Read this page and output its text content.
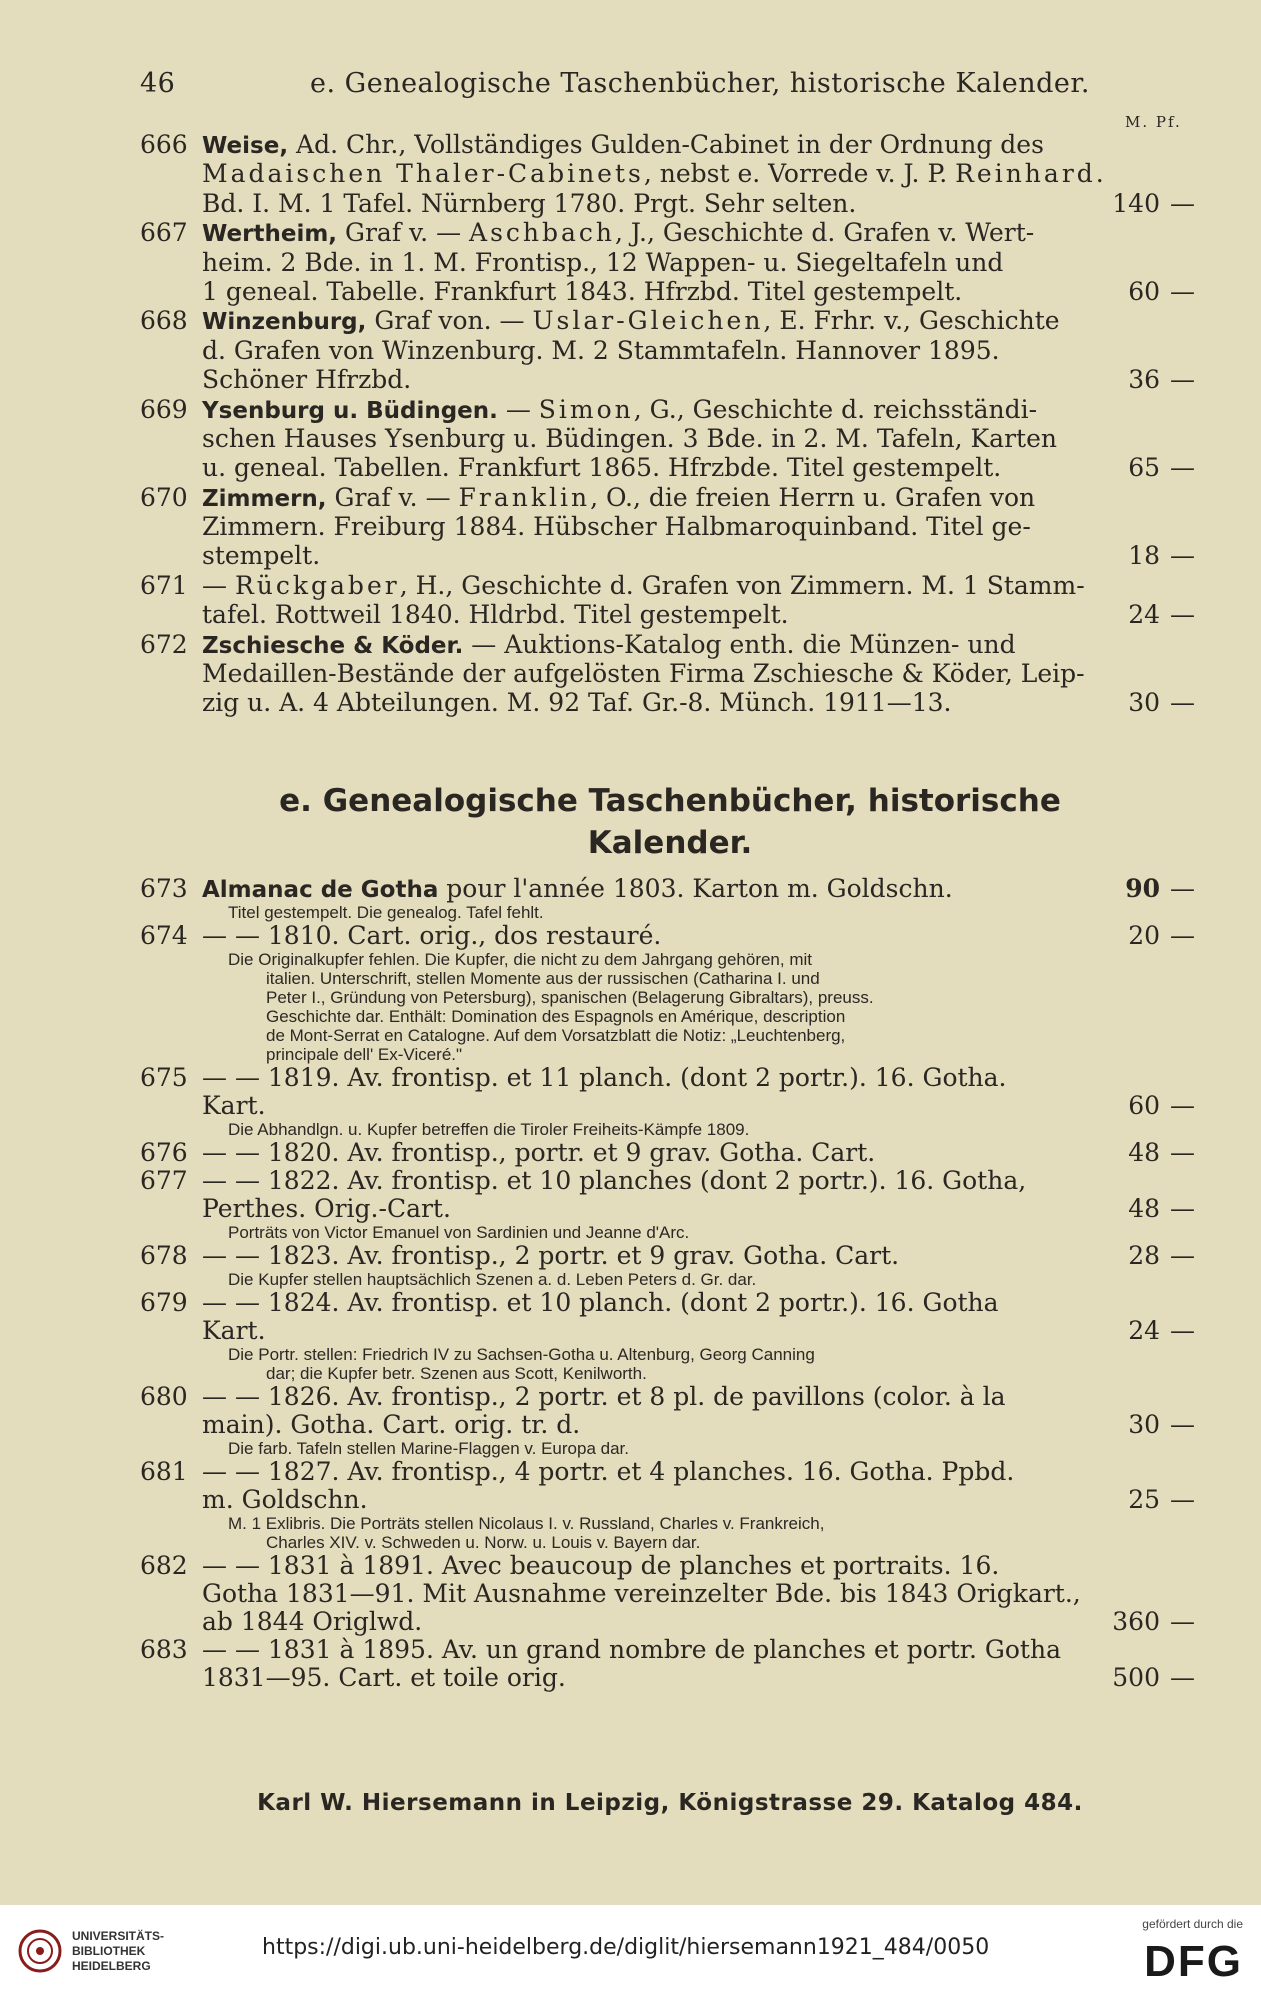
46	e. Genealogische Taschenbücher, historische Kalender.
M. Pf.
666 Weise, Ad. Chr., Vollständiges Gulden-Cabinet in der Ordnung des
Madaischen Thaler-Cabinets, nebst e. Vorrede v. J. P. Reinhard.
Bd. I. M. 1 Tafel. Nürnberg 1780. Prgt. Sehr selten.	140 —
667 Wertheim, Graf v. — Aschbach, J., Geschichte d. Grafen v. Wert-
heim. 2 Bde. in 1. M. Frontisp., 12 Wappen- u. Siegeltafeln und
1 geneal. Tabelle. Frankfurt 1843. Hfrzbd. Titel gestempelt.	60 —
668 Winzenburg, Graf von. — Uslar-Gleichen, E. Frhr. v., Geschichte
d. Grafen von Winzenburg. M. 2 Stammtafeln. Hannover 1895.
Schöner Hfrzbd.	36 —
669 Ysenburg u. Büdingen. — Simon, G., Geschichte d. reichsständi-
schen Hauses Ysenburg u. Büdingen. 3 Bde. in 2. M. Tafeln, Karten
u. geneal. Tabellen. Frankfurt 1865. Hfrzbde. Titel gestempelt.	65 —
670 Zimmern, Graf v. — Franklin, O., die freien Herrn u. Grafen von
Zimmern. Freiburg 1884. Hübscher Halbmaroquinband. Titel ge-
stempelt.	18 —
671 — Rückgaber, H., Geschichte d. Grafen von Zimmern. M. 1 Stamm-
tafel. Rottweil 1840. Hldrbd. Titel gestempelt.	24 —
672 Zschiesche & Köder. — Auktions-Katalog enth. die Münzen- und
Medaillen-Bestände der aufgelösten Firma Zschiesche & Köder, Leip-
zig u. A. 4 Abteilungen. M. 92 Taf. Gr.-8. Münch. 1911—13.	30 —
e. Genealogische Taschenbücher, historische
Kalender.
673 Almanac de Gotha pour l'année 1803. Karton m. Goldschn.	90 —
Titel gestempelt. Die genealog. Tafel fehlt.
674 — — 1810. Cart. orig., dos restauré.	20 —
Die Originalkupfer fehlen. Die Kupfer, die nicht zu dem Jahrgang gehören, mit
italien. Unterschrift, stellen Momente aus der russischen (Catharina I. und
Peter I., Gründung von Petersburg), spanischen (Belagerung Gibraltars), preuss.
Geschichte dar. Enthält: Domination des Espagnols en Amérique, description
de Mont-Serrat en Catalogne. Auf dem Vorsatzblatt die Notiz: „Leuchtenberg,
principale dell' Ex-Viceré."
675 — — 1819. Av. frontisp. et 11 planch. (dont 2 portr.). 16. Gotha.
Kart.	60 —
Die Abhandlgn. u. Kupfer betreffen die Tiroler Freiheits-Kämpfe 1809.
676 — — 1820. Av. frontisp., portr. et 9 grav. Gotha. Cart.	48 —
677 — — 1822. Av. frontisp. et 10 planches (dont 2 portr.). 16. Gotha,
Perthes. Orig.-Cart.	48 —
Porträts von Victor Emanuel von Sardinien und Jeanne d'Arc.
678 — — 1823. Av. frontisp., 2 portr. et 9 grav. Gotha. Cart.	28 —
Die Kupfer stellen hauptsächlich Szenen a. d. Leben Peters d. Gr. dar.
679 — — 1824. Av. frontisp. et 10 planch. (dont 2 portr.). 16. Gotha
Kart.	24 —
Die Portr. stellen: Friedrich IV zu Sachsen-Gotha u. Altenburg, Georg Canning
dar; die Kupfer betr. Szenen aus Scott, Kenilworth.
680 — — 1826. Av. frontisp., 2 portr. et 8 pl. de pavillons (color. à la
main). Gotha. Cart. orig. tr. d.	30 —
Die farb. Tafeln stellen Marine-Flaggen v. Europa dar.
681 — — 1827. Av. frontisp., 4 portr. et 4 planches. 16. Gotha. Ppbd.
m. Goldschn.	25 —
M. 1 Exlibris. Die Porträts stellen Nicolaus I. v. Russland, Charles v. Frankreich,
Charles XIV. v. Schweden u. Norw. u. Louis v. Bayern dar.
682 — — 1831 à 1891. Avec beaucoup de planches et portraits. 16.
Gotha 1831—91. Mit Ausnahme vereinzelter Bde. bis 1843 Origkart.,
ab 1844 Origlwd.	360 —
683 — — 1831 à 1895. Av. un grand nombre de planches et portr. Gotha
1831—95. Cart. et toile orig.	500 —
Karl W. Hiersemann in Leipzig, Königstrasse 29. Katalog 484.
UNIVERSITÄTS-
BIBLIOTHEK
HEIDELBERG
https://digi.ub.uni-heidelberg.de/diglit/hiersemann1921_484/0050
gefördert durch die
DFG
